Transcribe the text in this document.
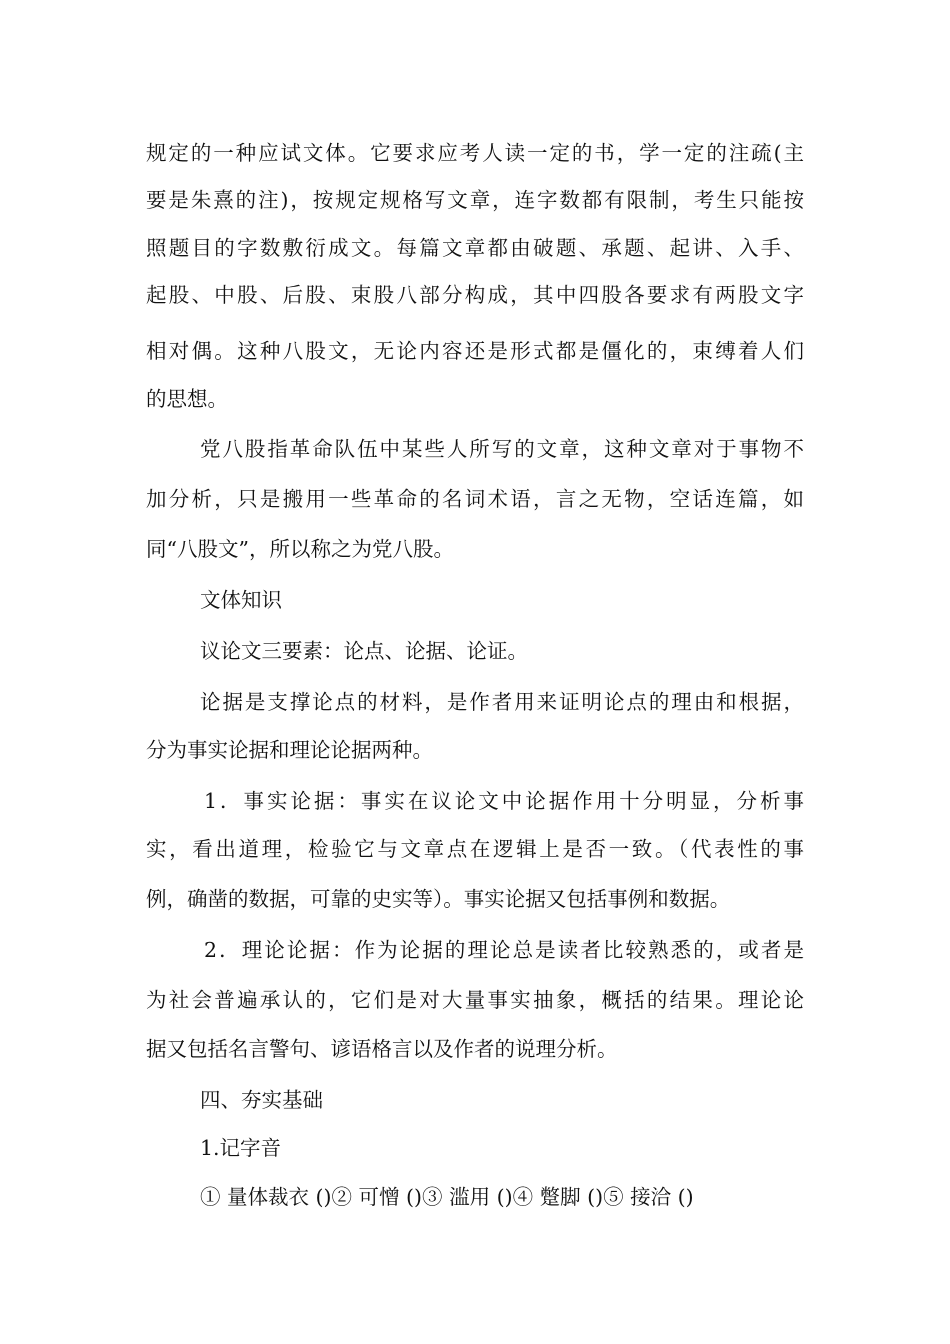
规定的一种应试文体。它要求应考人读一定的书，学一定的注疏(主
要是朱熹的注)，按规定规格写文章，连字数都有限制，考生只能按
照题目的字数敷衍成文。每篇文章都由破题、承题、起讲、入手、
起股、中股、后股、束股八部分构成，其中四股各要求有两股文字
相对偶。这种八股文，无论内容还是形式都是僵化的，束缚着人们
的思想。
党八股指革命队伍中某些人所写的文章，这种文章对于事物不
加分析，只是搬用一些革命的名词术语，言之无物，空话连篇，如
同“八股文”，所以称之为党八股。
文体知识
议论文三要素：论点、论据、论证。
论据是支撑论点的材料，是作者用来证明论点的理由和根据，
分为事实论据和理论论据两种。
1．事实论据：事实在议论文中论据作用十分明显，分析事
实，看出道理，检验它与文章点在逻辑上是否一致。（代表性的事
例，确凿的数据，可靠的史实等）。事实论据又包括事例和数据。
2．理论论据：作为论据的理论总是读者比较熟悉的，或者是
为社会普遍承认的，它们是对大量事实抽象，概括的结果。理论论
据又包括名言警句、谚语格言以及作者的说理分析。
四、夯实基础
1.记字音
① 量体裁衣 ()② 可憎 ()③ 滥用 ()④ 蹩脚 ()⑤ 接洽 ()
